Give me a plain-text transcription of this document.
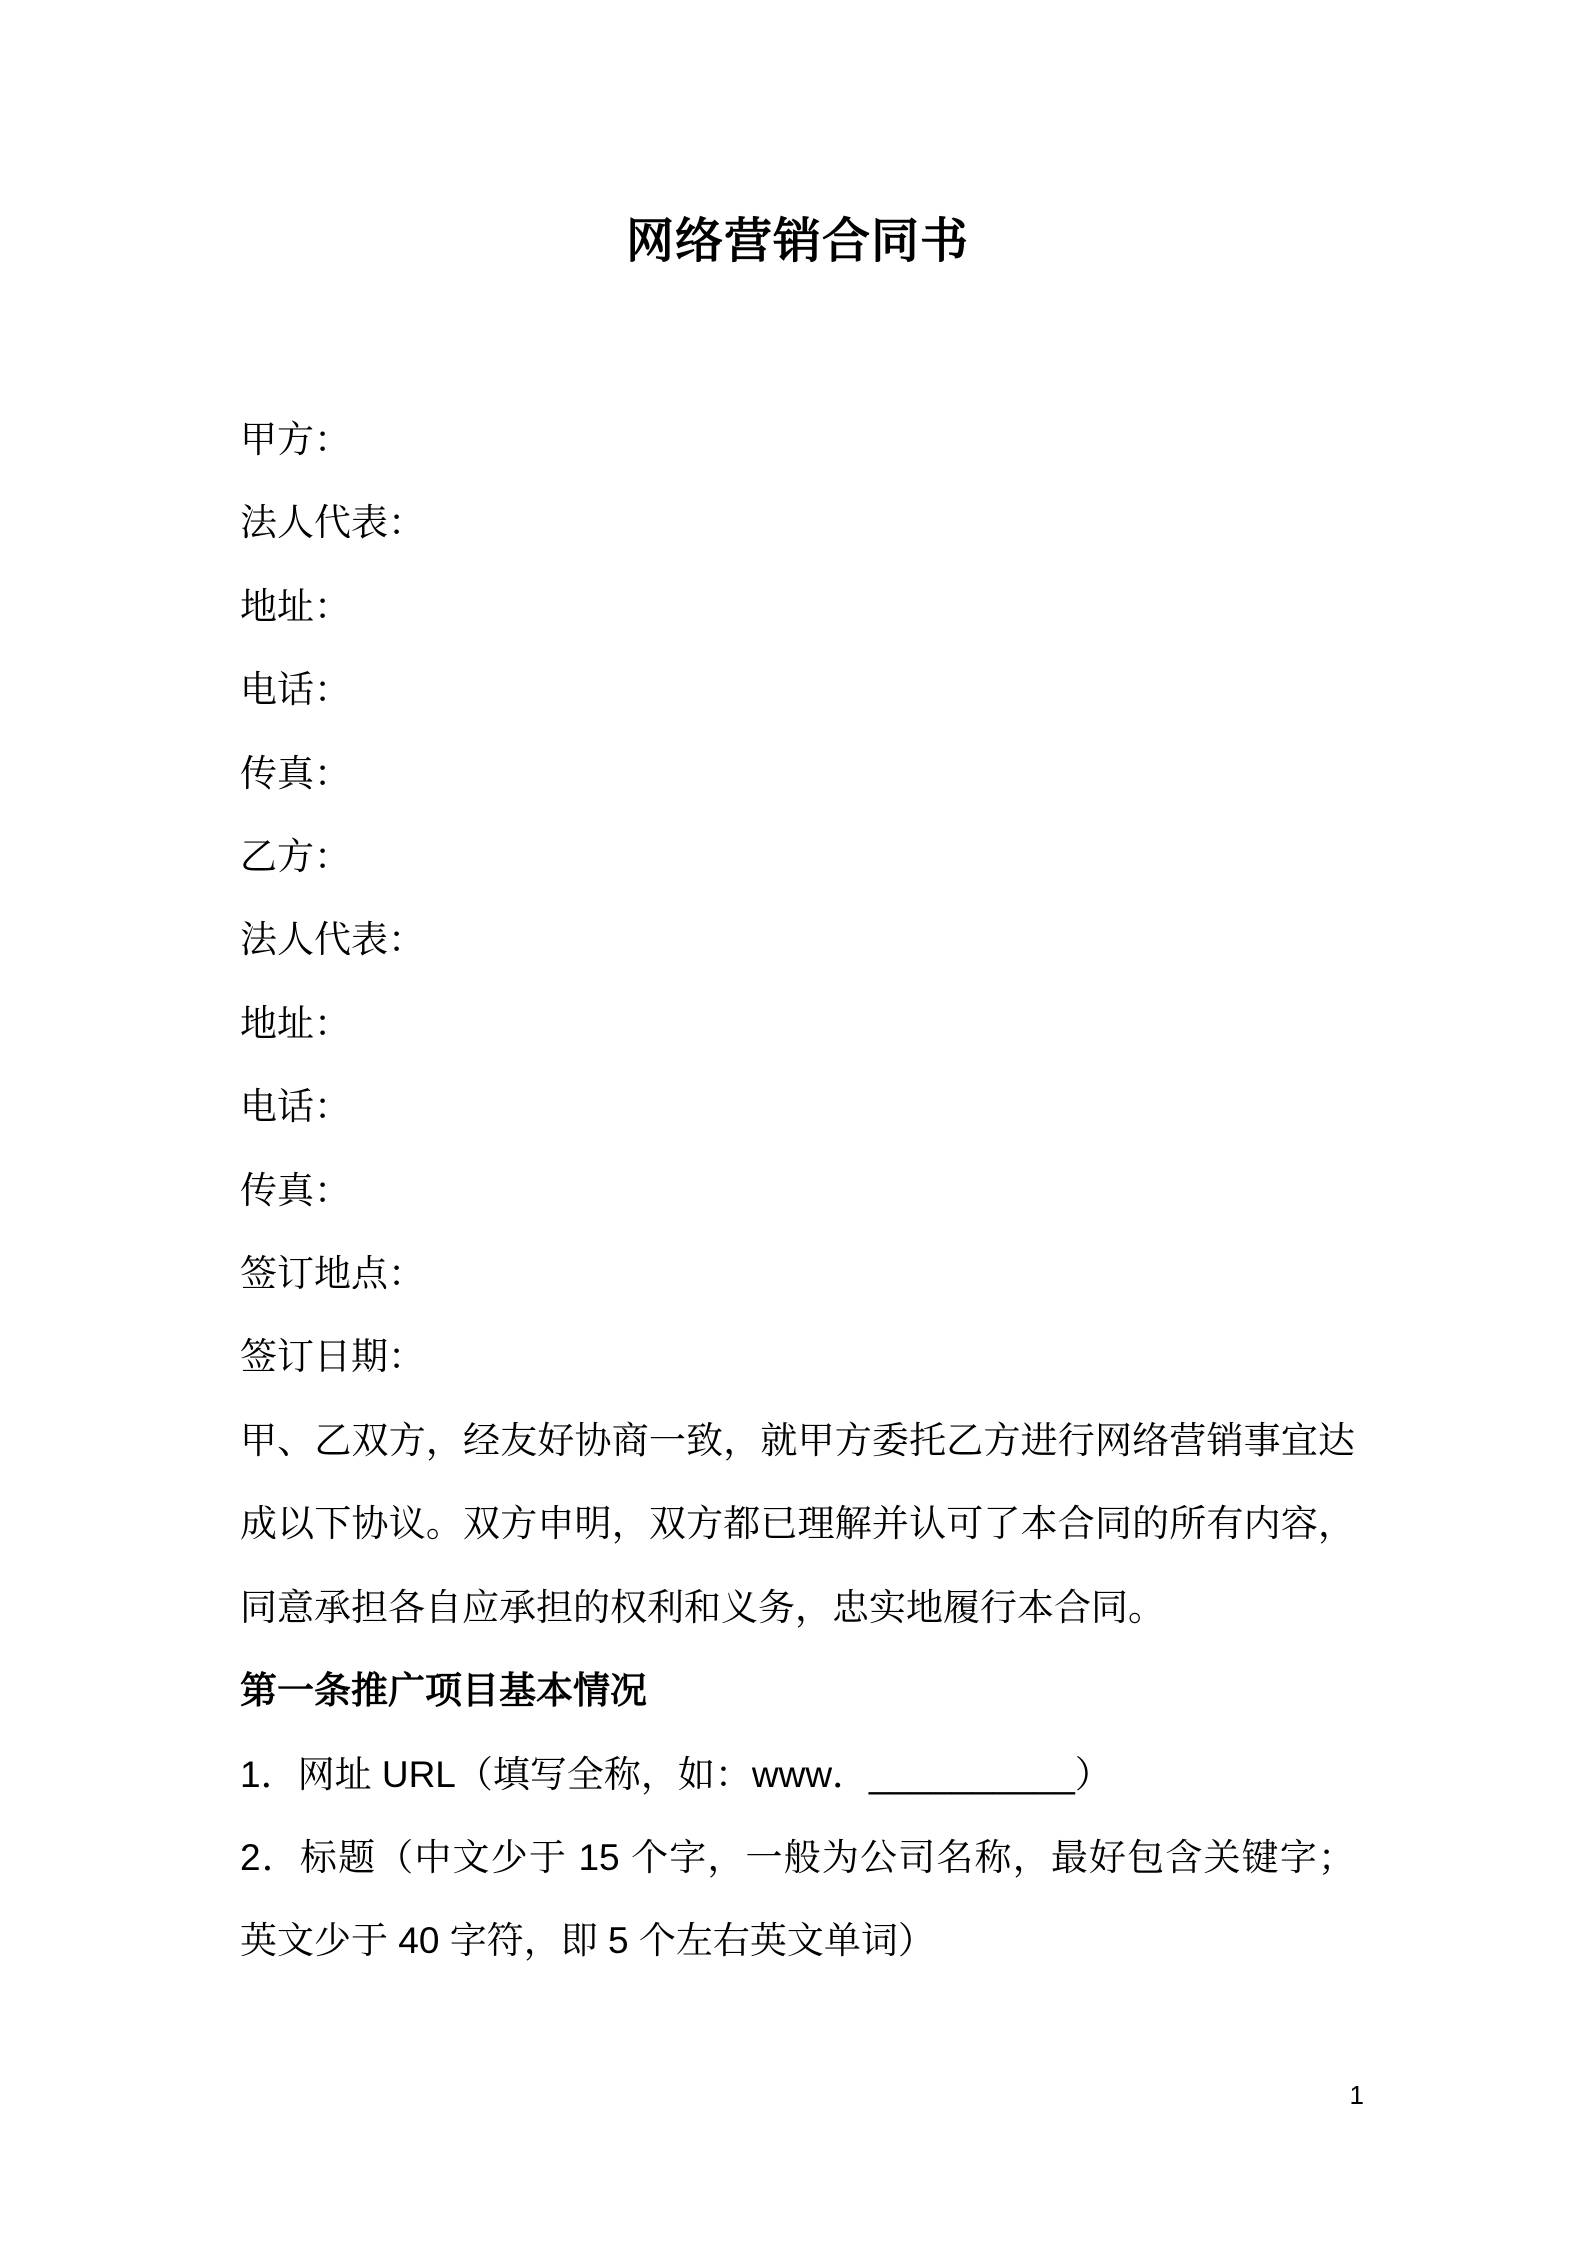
网络营销合同书

甲方：

法人代表：

地址：

电话：

传真：

乙方：

法人代表：

地址：

电话：

传真：

签订地点：

签订日期：

甲、乙双方，经友好协商一致，就甲方委托乙方进行网络营销事宜达成以下协议。双方申明，双方都已理解并认可了本合同的所有内容，同意承担各自应承担的权利和义务，忠实地履行本合同。

第一条推广项目基本情况

1．网址 URL（填写全称，如：www．__________）

2．标题（中文少于 15 个字，一般为公司名称，最好包含关键字；英文少于 40 字符，即 5 个左右英文单词）

1
